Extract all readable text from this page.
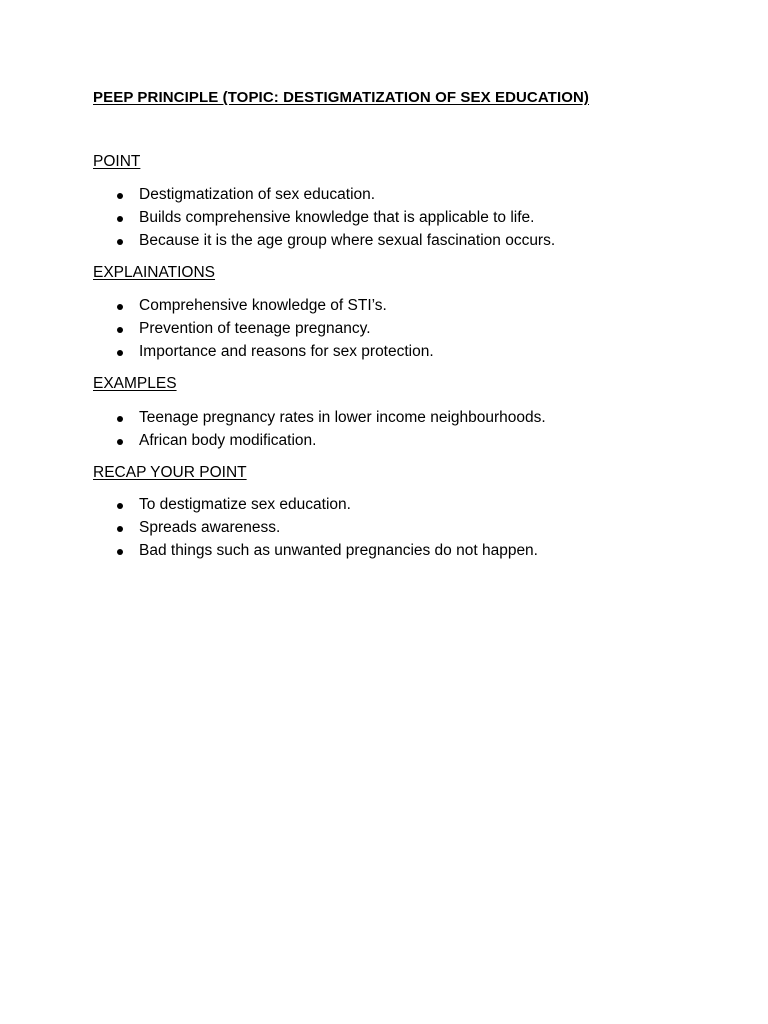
PEEP PRINCIPLE (TOPIC: DESTIGMATIZATION OF SEX EDUCATION)
POINT
Destigmatization of sex education.
Builds comprehensive knowledge that is applicable to life.
Because it is the age group where sexual fascination occurs.
EXPLAINATIONS
Comprehensive knowledge of STI’s.
Prevention of teenage pregnancy.
Importance and reasons for sex protection.
EXAMPLES
Teenage pregnancy rates in lower income neighbourhoods.
African body modification.
RECAP YOUR POINT
To destigmatize sex education.
Spreads awareness.
Bad things such as unwanted pregnancies do not happen.
